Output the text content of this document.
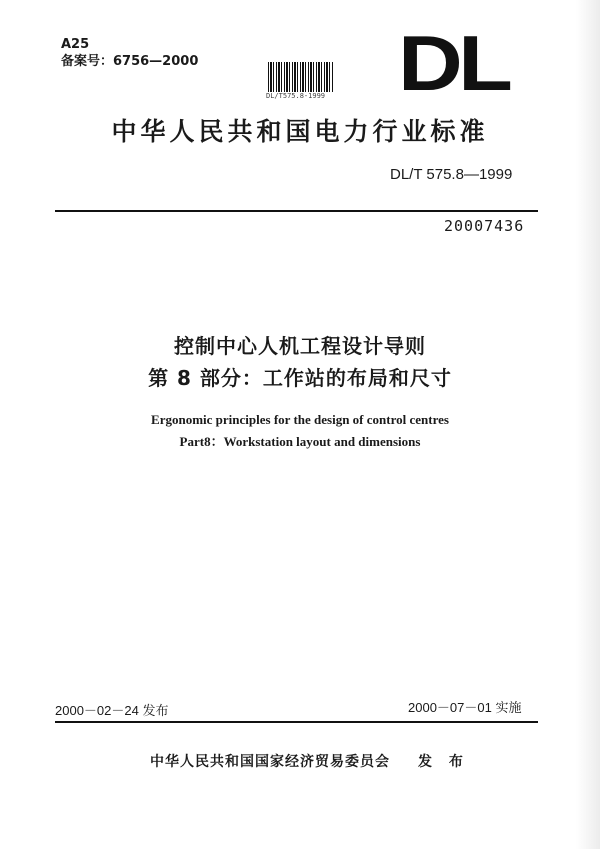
A25
备案号：6756—2000
DL/T575.8-1999 DL
中华人民共和国电力行业标准
DL/T 575.8—1999
20007436
控制中心人机工程设计导则
第 8 部分：工作站的布局和尺寸
Ergonomic principles for the design of control centres
Part8：Workstation layout and dimensions
2000－02－24 发布	2000－07－01 实施
中华人民共和国国家经济贸易委员会 发 布
